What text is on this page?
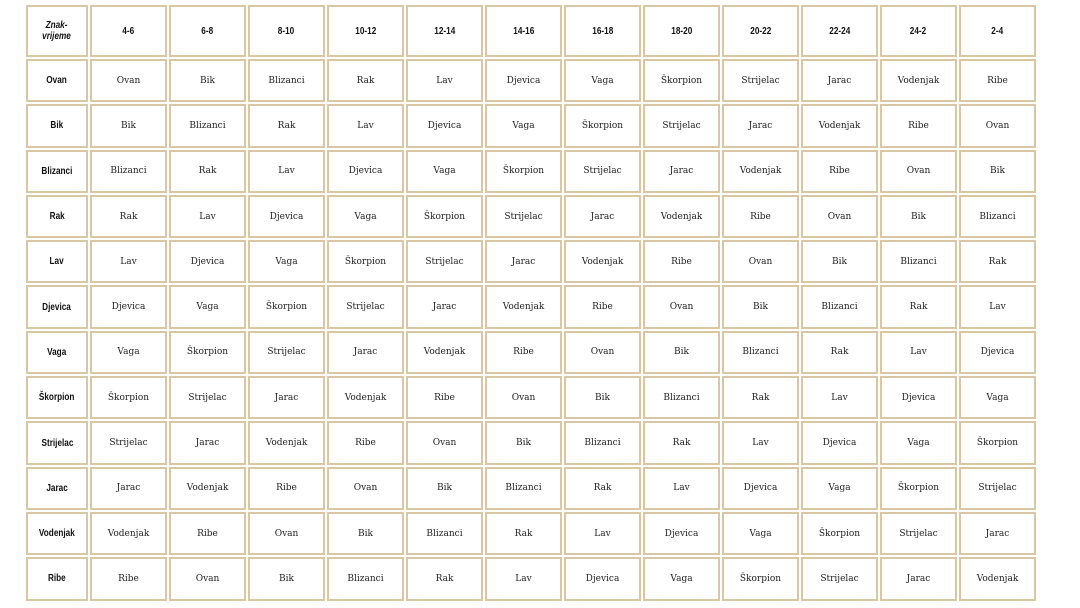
Znak-
vrijeme	4-6	6-8	8-10	10-12	12-14	14-16	16-18	18-20	20-22	22-24	24-2	2-4
Ovan	Ovan	Bik	Blizanci	Rak	Lav	Djevica	Vaga	Škorpion	Strijelac	Jarac	Vodenjak	Ribe
Bik	Bik	Blizanci	Rak	Lav	Djevica	Vaga	Škorpion	Strijelac	Jarac	Vodenjak	Ribe	Ovan
Blizanci	Blizanci	Rak	Lav	Djevica	Vaga	Škorpion	Strijelac	Jarac	Vodenjak	Ribe	Ovan	Bik
Rak	Rak	Lav	Djevica	Vaga	Škorpion	Strijelac	Jarac	Vodenjak	Ribe	Ovan	Bik	Blizanci
Lav	Lav	Djevica	Vaga	Škorpion	Strijelac	Jarac	Vodenjak	Ribe	Ovan	Bik	Blizanci	Rak
Djevica	Djevica	Vaga	Škorpion	Strijelac	Jarac	Vodenjak	Ribe	Ovan	Bik	Blizanci	Rak	Lav
Vaga	Vaga	Škorpion	Strijelac	Jarac	Vodenjak	Ribe	Ovan	Bik	Blizanci	Rak	Lav	Djevica
Škorpion	Škorpion	Strijelac	Jarac	Vodenjak	Ribe	Ovan	Bik	Blizanci	Rak	Lav	Djevica	Vaga
Strijelac	Strijelac	Jarac	Vodenjak	Ribe	Ovan	Bik	Blizanci	Rak	Lav	Djevica	Vaga	Škorpion
Jarac	Jarac	Vodenjak	Ribe	Ovan	Bik	Blizanci	Rak	Lav	Djevica	Vaga	Škorpion	Strijelac
Vodenjak	Vodenjak	Ribe	Ovan	Bik	Blizanci	Rak	Lav	Djevica	Vaga	Škorpion	Strijelac	Jarac
Ribe	Ribe	Ovan	Bik	Blizanci	Rak	Lav	Djevica	Vaga	Škorpion	Strijelac	Jarac	Vodenjak
